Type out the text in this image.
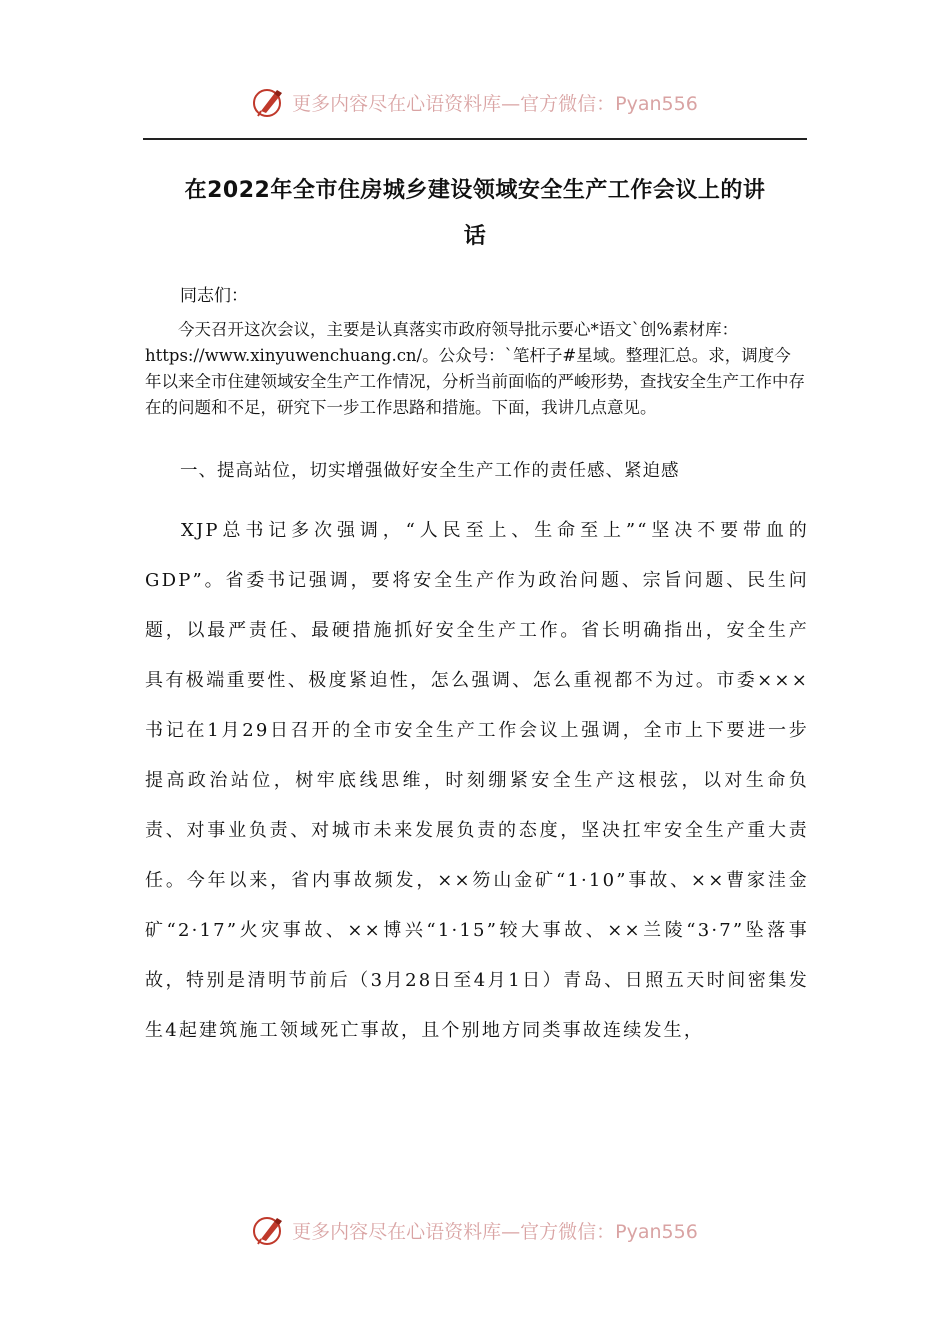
更多内容尽在心语资料库—官方微信：Pyan556
在2022年全市住房城乡建设领域安全生产工作会议上的讲
话
同志们：

今天召开这次会议，主要是认真落实市政府领导批示要心*语文`创%素材库：https://www.xinyuwenchuang.cn/。公众号：`笔杆子#星域。整理汇总。求，调度今年以来全市住建领域安全生产工作情况，分析当前面临的严峻形势，查找安全生产工作中存在的问题和不足，研究下一步工作思路和措施。下面，我讲几点意见。

一、提高站位，切实增强做好安全生产工作的责任感、紧迫感

XJP总书记多次强调，“人民至上、生命至上”“坚决不要带血的GDP”。省委书记强调，要将安全生产作为政治问题、宗旨问题、民生问题，以最严责任、最硬措施抓好安全生产工作。省长明确指出，安全生产具有极端重要性、极度紧迫性，怎么强调、怎么重视都不为过。市委×××书记在1月29日召开的全市安全生产工作会议上强调，全市上下要进一步提高政治站位，树牢底线思维，时刻绷紧安全生产这根弦，以对生命负责、对事业负责、对城市未来发展负责的态度，坚决扛牢安全生产重大责任。今年以来，省内事故频发，××笏山金矿“1·10”事故、××曹家洼金矿“2·17”火灾事故、××博兴“1·15”较大事故、××兰陵“3·7”坠落事故，特别是清明节前后（3月28日至4月1日）青岛、日照五天时间密集发生4起建筑施工领域死亡事故，且个别地方同类事故连续发生，

更多内容尽在心语资料库—官方微信：Pyan556
